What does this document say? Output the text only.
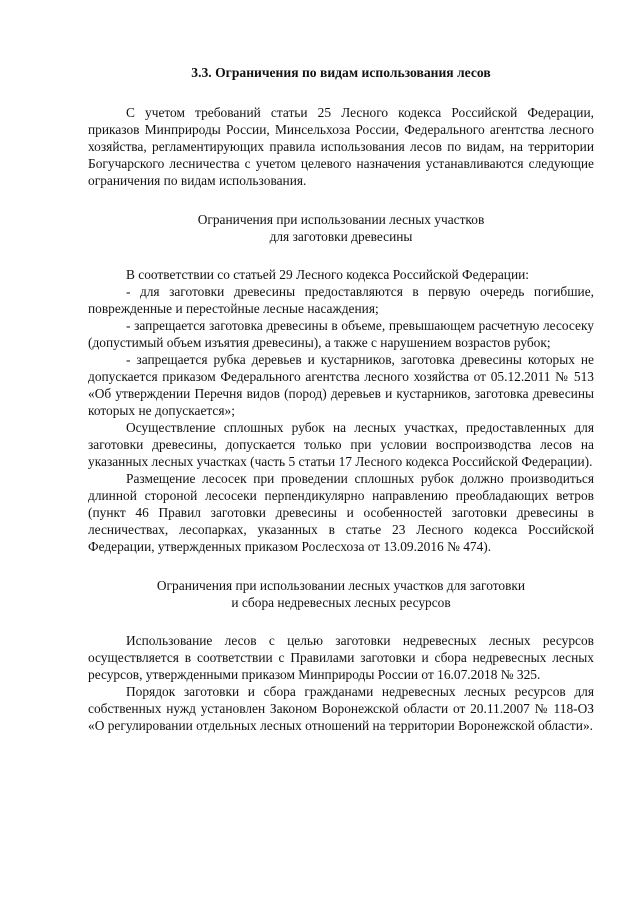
3.3. Ограничения по видам использования лесов

С учетом требований статьи 25 Лесного кодекса Российской Федерации, приказов Минприроды России, Минсельхоза России, Федерального агентства лесного хозяйства, регламентирующих правила использования лесов по видам, на территории Богучарского лесничества с учетом целевого назначения устанавливаются следующие ограничения по видам использования.

Ограничения при использовании лесных участков
для заготовки древесины

В соответствии со статьей 29 Лесного кодекса Российской Федерации:

- для заготовки древесины предоставляются в первую очередь погибшие, поврежденные и перестойные лесные насаждения;

- запрещается заготовка древесины в объеме, превышающем расчетную лесосеку (допустимый объем изъятия древесины), а также с нарушением возрастов рубок;

- запрещается рубка деревьев и кустарников, заготовка древесины которых не допускается приказом Федерального агентства лесного хозяйства от 05.12.2011 № 513 «Об утверждении Перечня видов (пород) деревьев и кустарников, заготовка древесины которых не допускается»;

Осуществление сплошных рубок на лесных участках, предоставленных для заготовки древесины, допускается только при условии воспроизводства лесов на указанных лесных участках (часть 5 статьи 17 Лесного кодекса Российской Федерации).

Размещение лесосек при проведении сплошных рубок должно производиться длинной стороной лесосеки перпендикулярно направлению преобладающих ветров (пункт 46 Правил заготовки древесины и особенностей заготовки древесины в лесничествах, лесопарках, указанных в статье 23 Лесного кодекса Российской Федерации, утвержденных приказом Рослесхоза от 13.09.2016 № 474).

Ограничения при использовании лесных участков для заготовки
и сбора недревесных лесных ресурсов

Использование лесов с целью заготовки недревесных лесных ресурсов осуществляется в соответствии с Правилами заготовки и сбора недревесных лесных ресурсов, утвержденными приказом Минприроды России от 16.07.2018 № 325.

Порядок заготовки и сбора гражданами недревесных лесных ресурсов для собственных нужд установлен Законом Воронежской области от 20.11.2007 № 118-ОЗ «О регулировании отдельных лесных отношений на территории Воронежской области».
